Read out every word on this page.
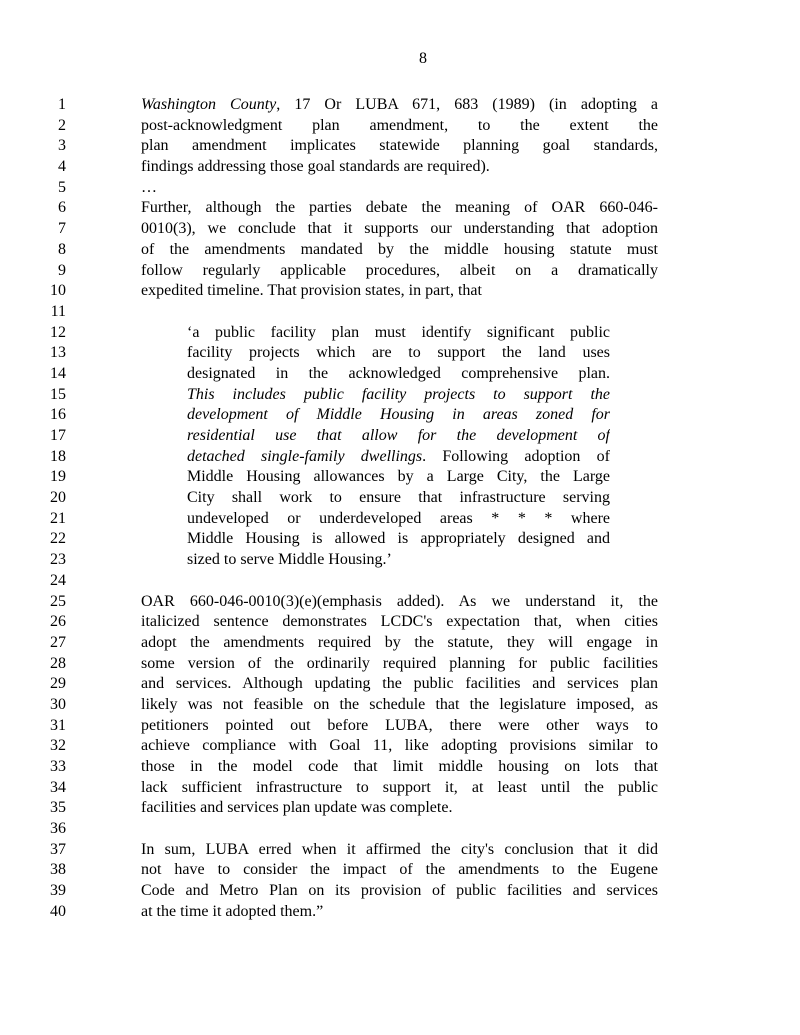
8
1	Washington County, 17 Or LUBA 671, 683 (1989) (in adopting a
2	post-acknowledgment plan amendment, to the extent the
3	plan amendment implicates statewide planning goal standards,
4	findings addressing those goal standards are required).
5	…
6	Further, although the parties debate the meaning of OAR 660-046-
7	0010(3), we conclude that it supports our understanding that adoption
8	of the amendments mandated by the middle housing statute must
9	follow regularly applicable procedures, albeit on a dramatically
10	expedited timeline. That provision states, in part, that
11
12	‘a public facility plan must identify significant public
13	facility projects which are to support the land uses
14	designated in the acknowledged comprehensive plan.
15	This includes public facility projects to support the
16	development of Middle Housing in areas zoned for
17	residential use that allow for the development of
18	detached single-family dwellings. Following adoption of
19	Middle Housing allowances by a Large City, the Large
20	City shall work to ensure that infrastructure serving
21	undeveloped or underdeveloped areas * * * where
22	Middle Housing is allowed is appropriately designed and
23	sized to serve Middle Housing.’
24
25	OAR 660-046-0010(3)(e)(emphasis added). As we understand it, the
26	italicized sentence demonstrates LCDC's expectation that, when cities
27	adopt the amendments required by the statute, they will engage in
28	some version of the ordinarily required planning for public facilities
29	and services. Although updating the public facilities and services plan
30	likely was not feasible on the schedule that the legislature imposed, as
31	petitioners pointed out before LUBA, there were other ways to
32	achieve compliance with Goal 11, like adopting provisions similar to
33	those in the model code that limit middle housing on lots that
34	lack sufficient infrastructure to support it, at least until the public
35	facilities and services plan update was complete.
36
37	In sum, LUBA erred when it affirmed the city's conclusion that it did
38	not have to consider the impact of the amendments to the Eugene
39	Code and Metro Plan on its provision of public facilities and services
40	at the time it adopted them.”
